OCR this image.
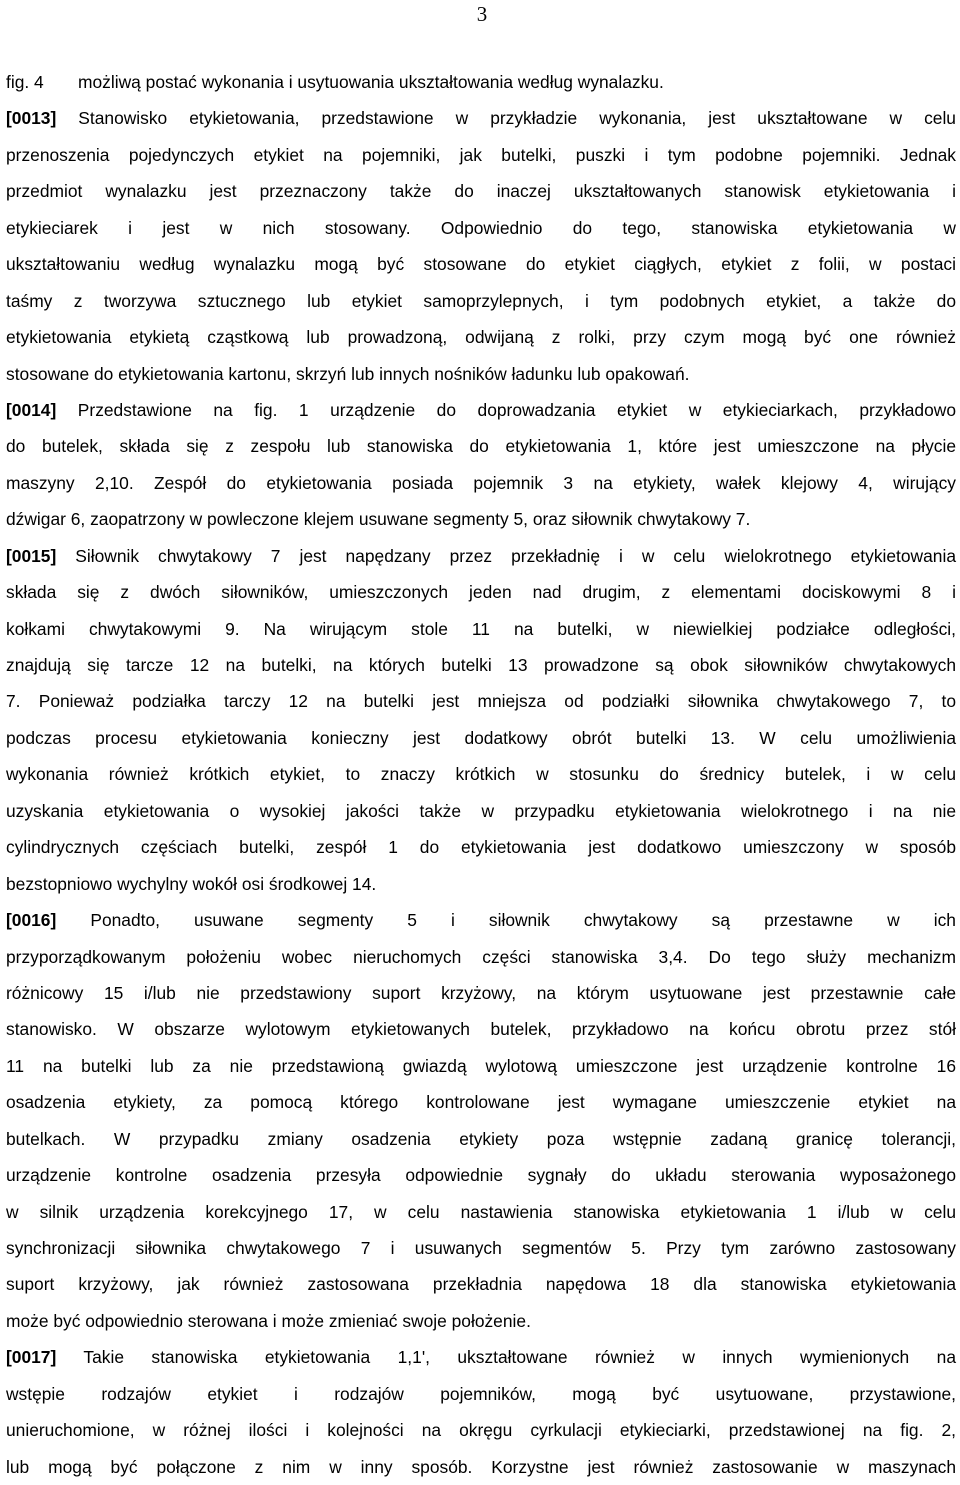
3
fig. 4 możliwą postać wykonania i usytuowania ukształtowania według wynalazku.
[0013] Stanowisko etykietowania, przedstawione w przykładzie wykonania, jest ukształtowane w celu
przenoszenia pojedynczych etykiet na pojemniki, jak butelki, puszki i tym podobne pojemniki. Jednak
przedmiot wynalazku jest przeznaczony także do inaczej ukształtowanych stanowisk etykietowania i
etykieciarek i jest w nich stosowany. Odpowiednio do tego, stanowiska etykietowania w
ukształtowaniu według wynalazku mogą być stosowane do etykiet ciągłych, etykiet z folii, w postaci
taśmy z tworzywa sztucznego lub etykiet samoprzylepnych, i tym podobnych etykiet, a także do
etykietowania etykietą cząstkową lub prowadzoną, odwijaną z rolki, przy czym mogą być one również
stosowane do etykietowania kartonu, skrzyń lub innych nośników ładunku lub opakowań.
[0014] Przedstawione na fig. 1 urządzenie do doprowadzania etykiet w etykieciarkach, przykładowo
do butelek, składa się z zespołu lub stanowiska do etykietowania 1, które jest umieszczone na płycie
maszyny 2,10. Zespół do etykietowania posiada pojemnik 3 na etykiety, wałek klejowy 4, wirujący
dźwigar 6, zaopatrzony w powleczone klejem usuwane segmenty 5, oraz siłownik chwytakowy 7.
[0015] Siłownik chwytakowy 7 jest napędzany przez przekładnię i w celu wielokrotnego etykietowania
składa się z dwóch siłowników, umieszczonych jeden nad drugim, z elementami dociskowymi 8 i
kołkami chwytakowymi 9. Na wirującym stole 11 na butelki, w niewielkiej podziałce odległości,
znajdują się tarcze 12 na butelki, na których butelki 13 prowadzone są obok siłowników chwytakowych
7. Ponieważ podziałka tarczy 12 na butelki jest mniejsza od podziałki siłownika chwytakowego 7, to
podczas procesu etykietowania konieczny jest dodatkowy obrót butelki 13. W celu umożliwienia
wykonania również krótkich etykiet, to znaczy krótkich w stosunku do średnicy butelek, i w celu
uzyskania etykietowania o wysokiej jakości także w przypadku etykietowania wielokrotnego i na nie
cylindrycznych częściach butelki, zespół 1 do etykietowania jest dodatkowo umieszczony w sposób
bezstopniowo wychylny wokół osi środkowej 14.
[0016] Ponadto, usuwane segmenty 5 i siłownik chwytakowy są przestawne w ich
przyporządkowanym położeniu wobec nieruchomych części stanowiska 3,4. Do tego służy mechanizm
różnicowy 15 i/lub nie przedstawiony suport krzyżowy, na którym usytuowane jest przestawnie całe
stanowisko. W obszarze wylotowym etykietowanych butelek, przykładowo na końcu obrotu przez stół
11 na butelki lub za nie przedstawioną gwiazdą wylotową umieszczone jest urządzenie kontrolne 16
osadzenia etykiety, za pomocą którego kontrolowane jest wymagane umieszczenie etykiet na
butelkach. W przypadku zmiany osadzenia etykiety poza wstępnie zadaną granicę tolerancji,
urządzenie kontrolne osadzenia przesyła odpowiednie sygnały do układu sterowania wyposażonego
w silnik urządzenia korekcyjnego 17, w celu nastawienia stanowiska etykietowania 1 i/lub w celu
synchronizacji siłownika chwytakowego 7 i usuwanych segmentów 5. Przy tym zarówno zastosowany
suport krzyżowy, jak również zastosowana przekładnia napędowa 18 dla stanowiska etykietowania
może być odpowiednio sterowana i może zmieniać swoje położenie.
[0017] Takie stanowiska etykietowania 1,1', ukształtowane również w innych wymienionych na
wstępie rodzajów etykiet i rodzajów pojemników, mogą być usytuowane, przystawione,
unieruchomione, w różnej ilości i kolejności na okręgu cyrkulacji etykieciarki, przedstawionej na fig. 2,
lub mogą być połączone z nim w inny sposób. Korzystne jest również zastosowanie w maszynach
